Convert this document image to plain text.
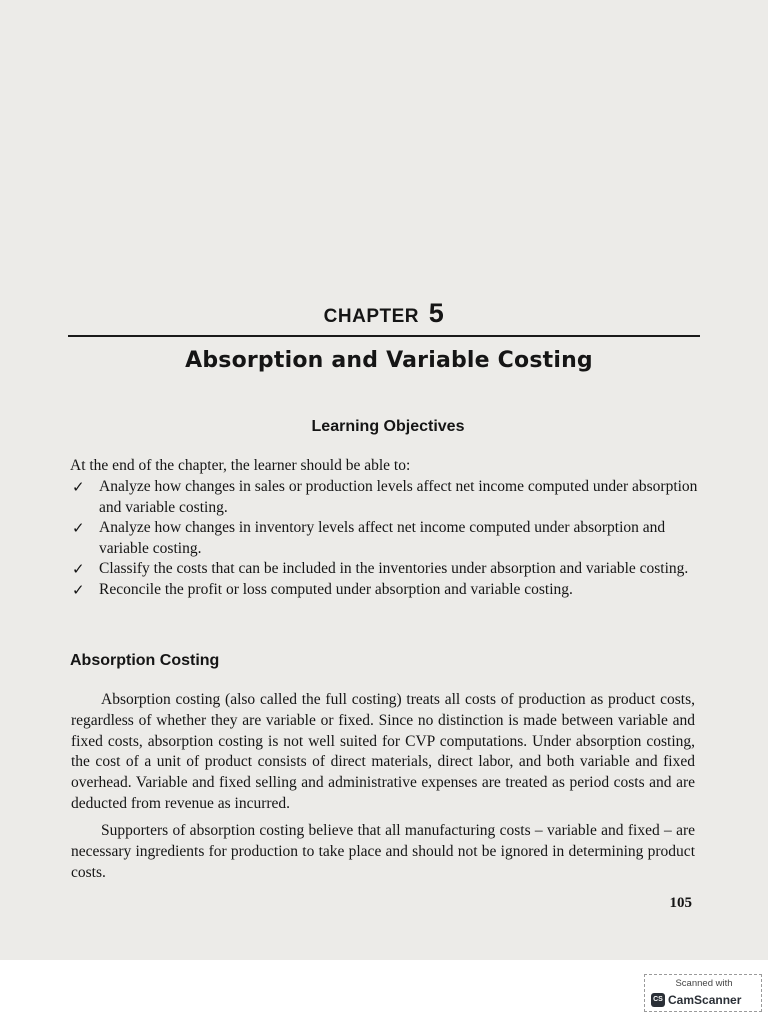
CHAPTER 5
Absorption and Variable Costing
Learning Objectives
At the end of the chapter, the learner should be able to:
✓ Analyze how changes in sales or production levels affect net income computed under absorption and variable costing.
✓ Analyze how changes in inventory levels affect net income computed under absorption and variable costing.
✓ Classify the costs that can be included in the inventories under absorption and variable costing.
✓ Reconcile the profit or loss computed under absorption and variable costing.
Absorption Costing

Absorption costing (also called the full costing) treats all costs of production as product costs, regardless of whether they are variable or fixed. Since no distinction is made between variable and fixed costs, absorption costing is not well suited for CVP computations. Under absorption costing, the cost of a unit of product consists of direct materials, direct labor, and both variable and fixed overhead. Variable and fixed selling and administrative expenses are treated as period costs and are deducted from revenue as incurred.

Supporters of absorption costing believe that all manufacturing costs – variable and fixed – are necessary ingredients for production to take place and should not be ignored in determining product costs.

105
Scanned with
CS CamScanner
